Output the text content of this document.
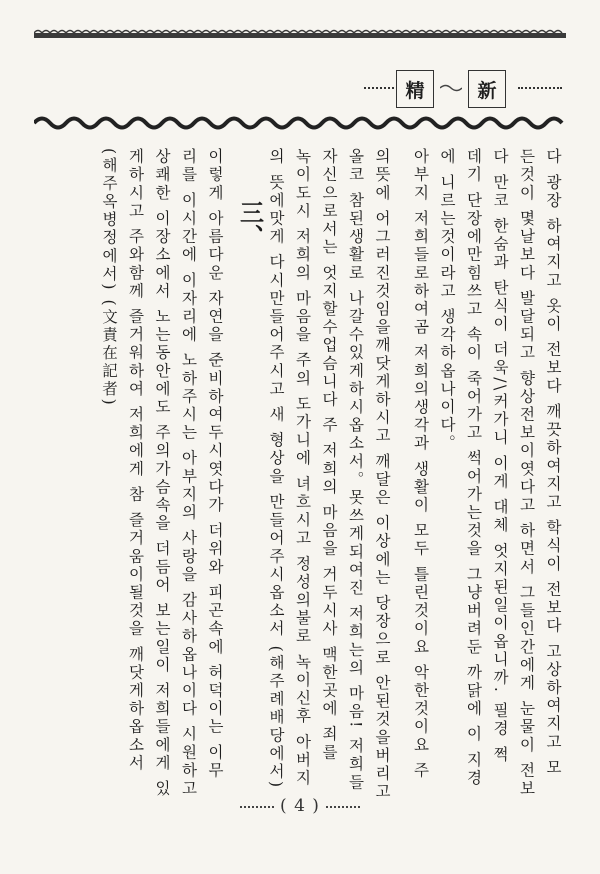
精	新

다 광장 하여지고 옷이 전보다 깨끗하여지고 학식이 전보다 고상하여지고 모

든것이 몇날보다 발달되고 향상전보이엿다고 하면서 그들인간에게 눈물이 전보

다 만코 한숨과 탄식이 더욱/\커가니 이게 대체 엇지된일이옵니까. 필경 쩍

데기 단장에만힘쓰고 속이 죽어가고 썩어가는것을 그냥버려둔 까닭에 이 지경

에 니르는것이라고 생각하옵나이다。

아부지 저희들로하여곰 저희의생각과 생활이 모두 틀린것이요 악한것이요 주

의뜻에 어그러진것임을깨닷게하시고 깨달은 이상에는 당장으로 안된것을버리고

올코 참된생활로 나갈수있게하시옵소서。못쓰게되여진 저희는의 마음! 저희들

자신으로서는 엇지할수업슴니다 주 저희의 마음을 거두시사 맥한곳에 죄를

녹이도시 저희의 마음을 주의 도가니에 녀흐시고 정성의불로 녹이신후 아버지

의 뜻에맛게 다시만들어주시고 새 형상을 만들어주시옵소서 (해주례배당에서)

三、

이렇게 아름다운 자연을 준비하여두시엿다가 더위와 피곤속에 허덕이는 이무

리를 이시간에 이자리에 노하주시는 아부지의 사랑을 감사하옵나이다 시원하고

상쾌한 이장소에서 노는동안에도 주의가슴속을 더듬어 보는일이 저희들에게 있

게하시고 주와함께 즐거워하여 저희에게 참 즐거움이될것을 깨닷게하옵소서

(해주옥병정에서) (文責在記者)

( 4 )
